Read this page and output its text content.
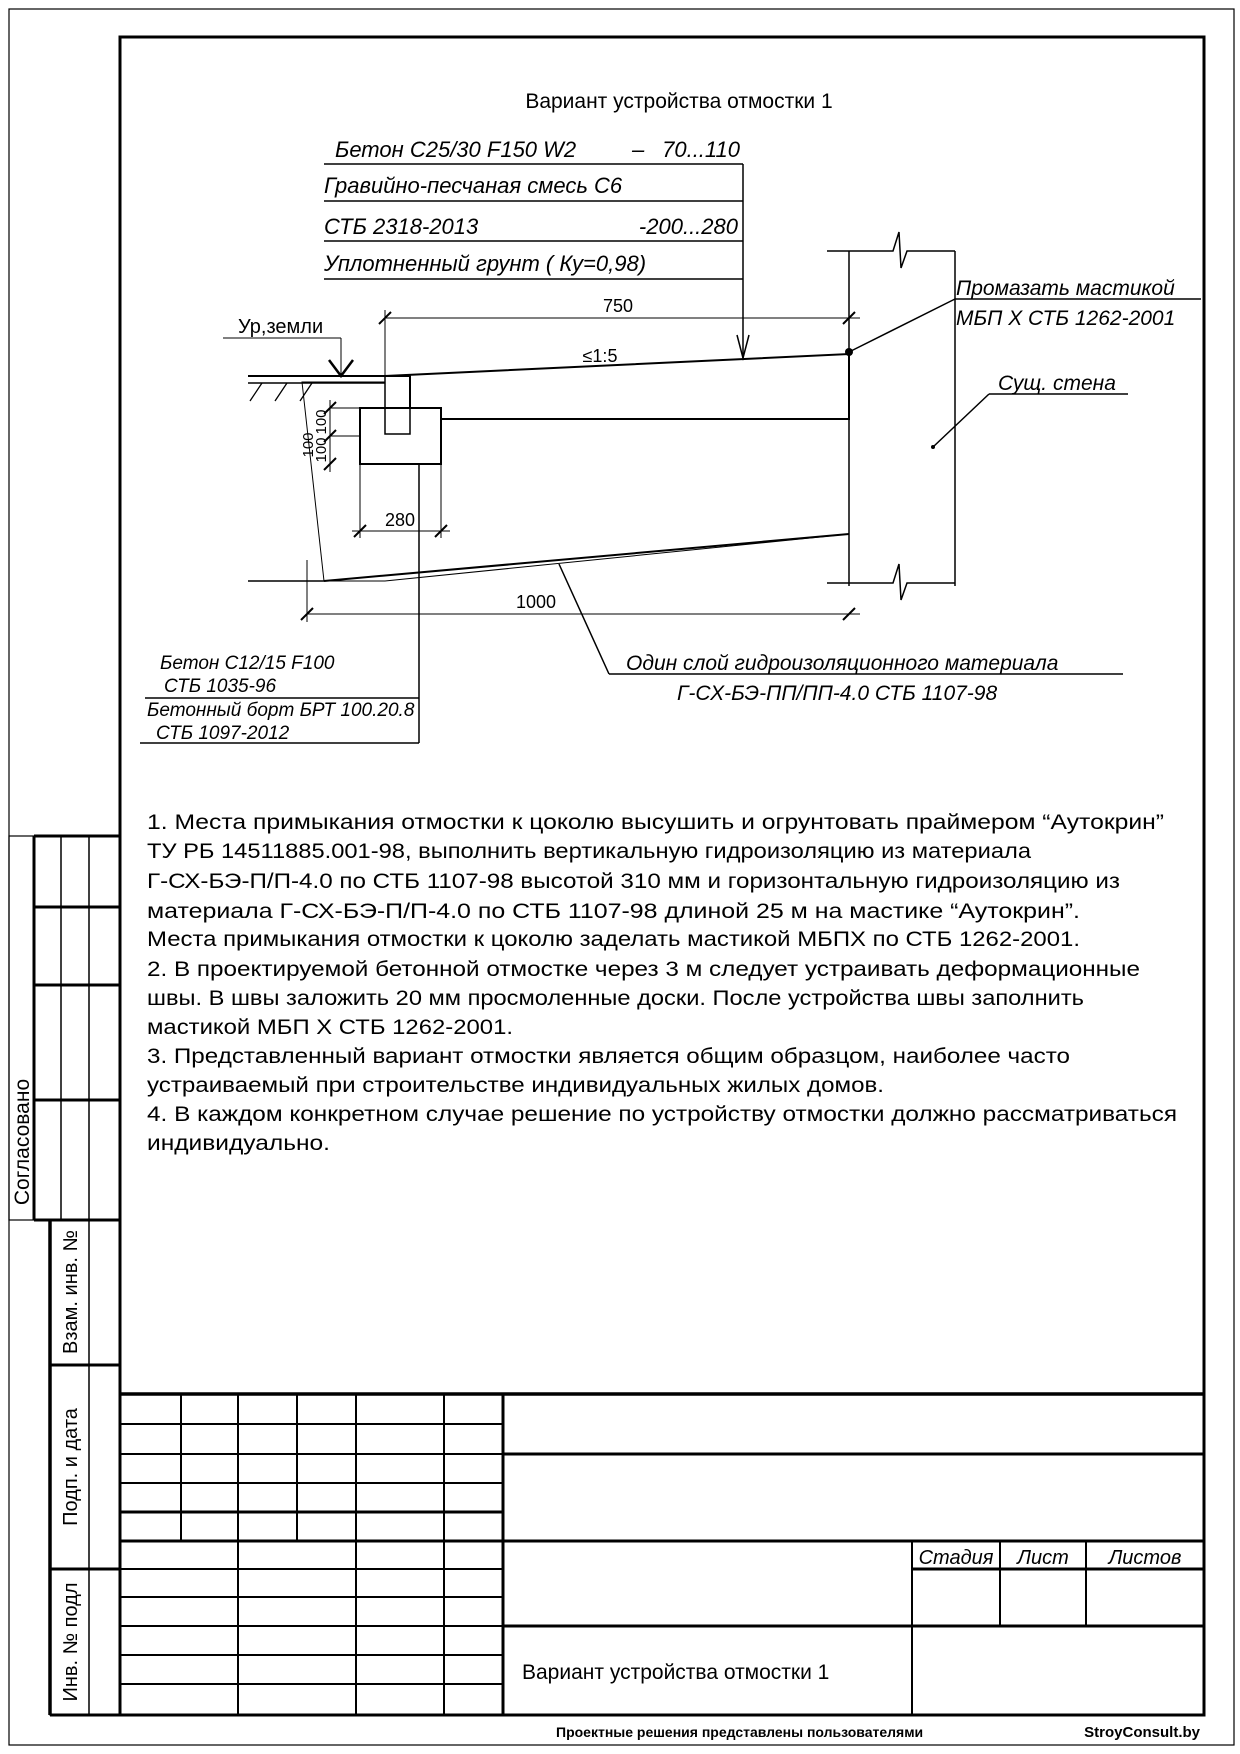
Вариант устройства отмостки 1
Бетон С25/30 F150 W2	– 70...110
Гравийно-песчаная смесь С6
СТБ 2318-2013	-200...280
Уплотненный грунт ( Ку=0,98)
Ур,земли
750
≤1:5
1000
280
100
100
100
Промазать мастикой
МБП Х СТБ 1262-2001
Сущ. стена
Один слой гидроизоляционного материала
Г-СХ-БЭ-ПП/ПП-4.0 СТБ 1107-98
Бетон С12/15 F100
СТБ 1035-96
Бетонный борт БРТ 100.20.8
СТБ 1097-2012
1. Места примыкания отмостки к цоколю высушить и огрунтовать праймером “Аутокрин”
ТУ РБ 14511885.001-98, выполнить вертикальную гидроизоляцию из материала
Г-СХ-БЭ-П/П-4.0 по СТБ 1107-98 высотой 310 мм и горизонтальную гидроизоляцию из
материала Г-СХ-БЭ-П/П-4.0 по СТБ 1107-98 длиной 25 м на мастике “Аутокрин”.
Места примыкания отмостки к цоколю заделать мастикой МБПХ по СТБ 1262-2001.
2. В проектируемой бетонной отмостке через 3 м следует устраивать деформационные
швы. В швы заложить 20 мм просмоленные доски. После устройства швы заполнить
мастикой МБП Х СТБ 1262-2001.
3. Представленный вариант отмостки является общим образцом, наиболее часто
устраиваемый при строительстве индивидуальных жилых домов.
4. В каждом конкретном случае решение по устройству отмостки должно рассматриваться
индивидуально.
Согласовано
Взам. инв. №
Подп. и дата
Инв. № подл
Стадия Лист Листов
Вариант устройства отмостки 1
Проектные решения представлены пользователями	StroyConsult.by
